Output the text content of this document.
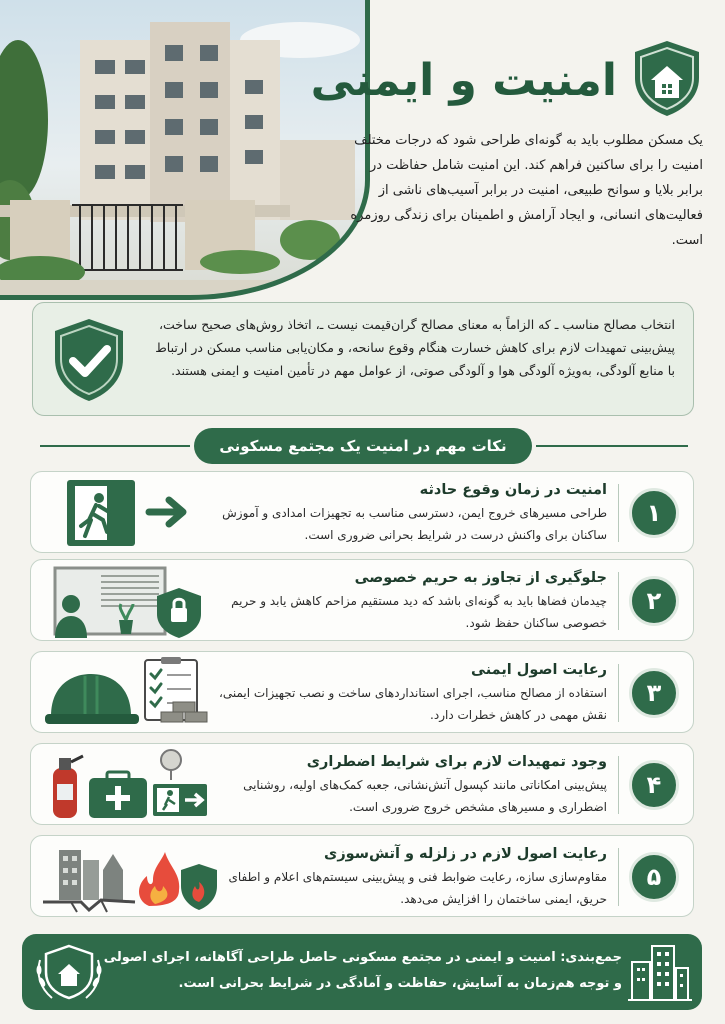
امنیت و ایمنی
یک مسکن مطلوب باید به گونه‌ای طراحی شود که درجات مختلف امنیت را برای ساکنین فراهم کند. این امنیت شامل حفاظت در برابر بلایا و سوانح طبیعی، امنیت در برابر آسیب‌های ناشی از فعالیت‌های انسانی، و ایجاد آرامش و اطمینان برای زندگی روزمره است.
انتخاب مصالح مناسب ـ که الزاماً به معنای مصالح گران‌قیمت نیست ـ، اتخاذ روش‌های صحیح ساخت، پیش‌بینی تمهیدات لازم برای کاهش خسارت هنگام وقوع سانحه، و مکان‌یابی مناسب مسکن در ارتباط با منابع آلودگی، به‌ویژه آلودگی هوا و آلودگی صوتی، از عوامل مهم در تأمین امنیت و ایمنی هستند.
نکات مهم در امنیت یک مجتمع مسکونی
امنیت در زمان وقوع حادثه
طراحی مسیرهای خروج ایمن، دسترسی مناسب به تجهیزات امدادی و آموزش ساکنان برای واکنش درست در شرایط بحرانی ضروری است.
۱
جلوگیری از تجاوز به حریم خصوصی
چیدمان فضاها باید به گونه‌ای باشد که دید مستقیم مزاحم کاهش یابد و حریم خصوصی ساکنان حفظ شود.
۲
رعایت اصول ایمنی
استفاده از مصالح مناسب، اجرای استانداردهای ساخت و نصب تجهیزات ایمنی، نقش مهمی در کاهش خطرات دارد.
۳
وجود تمهیدات لازم برای شرایط اضطراری
پیش‌بینی امکاناتی مانند کپسول آتش‌نشانی، جعبه کمک‌های اولیه، روشنایی اضطراری و مسیرهای مشخص خروج ضروری است.
۴
رعایت اصول لازم در زلزله و آتش‌سوزی
مقاوم‌سازی سازه، رعایت ضوابط فنی و پیش‌بینی سیستم‌های اعلام و اطفای حریق، ایمنی ساختمان را افزایش می‌دهد.
۵
جمع‌بندی: امنیت و ایمنی در مجتمع مسکونی حاصل طراحی آگاهانه، اجرای اصولی و توجه هم‌زمان به آسایش، حفاظت و آمادگی در شرایط بحرانی است.
